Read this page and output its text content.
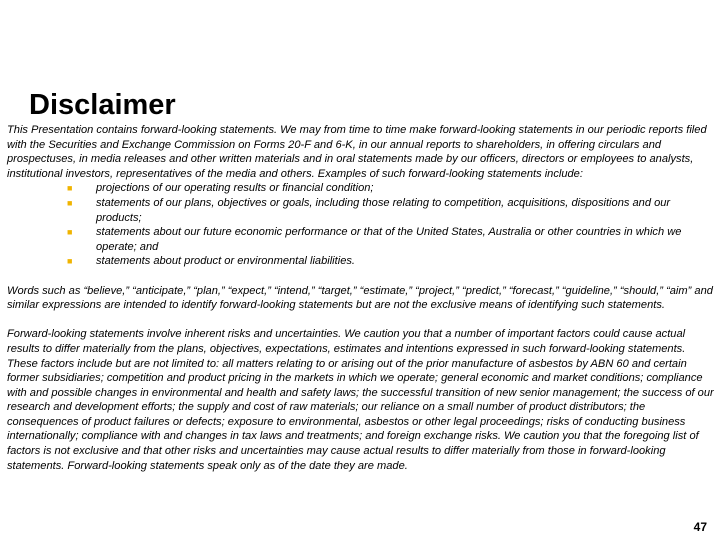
Disclaimer

This Presentation contains forward-looking statements. We may from time to time make forward-looking statements in our periodic reports filed with the Securities and Exchange Commission on Forms 20-F and 6-K, in our annual reports to shareholders, in offering circulars and prospectuses, in media releases and other written materials and in oral statements made by our officers, directors or employees to analysts, institutional investors, representatives of the media and others. Examples of such forward-looking statements include:

■ projections of our operating results or financial condition;
■ statements of our plans, objectives or goals, including those relating to competition, acquisitions, dispositions and our products;
■ statements about our future economic performance or that of the United States, Australia or other countries in which we operate; and
■ statements about product or environmental liabilities.

Words such as “believe,” “anticipate,” “plan,” “expect,” “intend,” “target,” “estimate,” “project,” “predict,” “forecast,” “guideline,” “should,” “aim” and similar expressions are intended to identify forward-looking statements but are not the exclusive means of identifying such statements.

Forward-looking statements involve inherent risks and uncertainties. We caution you that a number of important factors could cause actual results to differ materially from the plans, objectives, expectations, estimates and intentions expressed in such forward-looking statements. These factors include but are not limited to: all matters relating to or arising out of the prior manufacture of asbestos by ABN 60 and certain former subsidiaries; competition and product pricing in the markets in which we operate; general economic and market conditions; compliance with and possible changes in environmental and health and safety laws; the successful transition of new senior management; the success of our research and development efforts; the supply and cost of raw materials; our reliance on a small number of product distributors; the consequences of product failures or defects; exposure to environmental, asbestos or other legal proceedings; risks of conducting business internationally; compliance with and changes in tax laws and treatments; and foreign exchange risks. We caution you that the foregoing list of factors is not exclusive and that other risks and uncertainties may cause actual results to differ materially from those in forward-looking statements. Forward-looking statements speak only as of the date they are made.

47
